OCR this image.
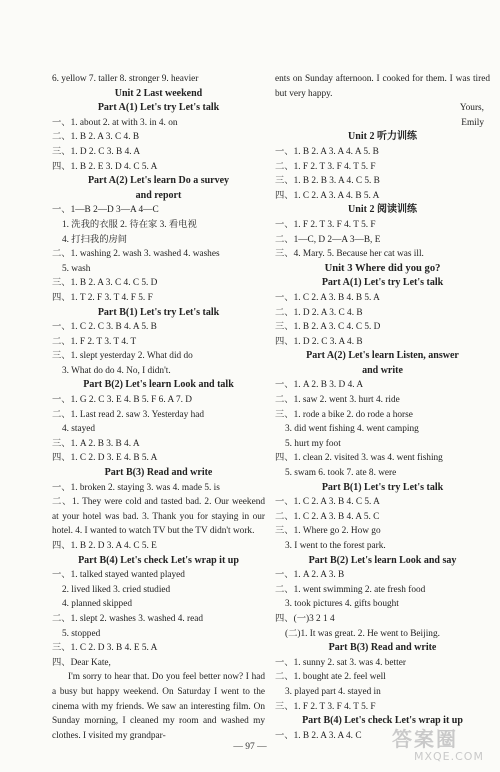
6. yellow 7. taller 8. stronger 9. heavier
Unit 2 Last weekend
Part A(1) Let's try Let's talk
一、1. about 2. at with 3. in 4. on
二、1. B 2. A 3. C 4. B
三、1. D 2. C 3. B 4. A
四、1. B 2. E 3. D 4. C 5. A
Part A(2) Let's learn Do a survey
and report
一、1—B 2—D 3—A 4—C
1. 洗我的衣服 2. 待在家 3. 看电视
4. 打扫我的房间
二、1. washing 2. wash 3. washed 4. washes
5. wash
三、1. B 2. A 3. C 4. C 5. D
四、1. T 2. F 3. T 4. F 5. F
Part B(1) Let's try Let's talk
一、1. C 2. C 3. B 4. A 5. B
二、1. F 2. T 3. T 4. T
三、1. slept yesterday 2. What did do
3. What do do 4. No, I didn't.
Part B(2) Let's learn Look and talk
一、1. G 2. C 3. E 4. B 5. F 6. A 7. D
二、1. Last read 2. saw 3. Yesterday had
4. stayed
三、1. A 2. B 3. B 4. A
四、1. C 2. D 3. E 4. B 5. A
Part B(3) Read and write
一、1. broken 2. staying 3. was 4. made 5. is
二、1. They were cold and tasted bad. 2. Our weekend at your hotel was bad. 3. Thank you for staying in our hotel. 4. I wanted to watch TV but the TV didn't work.
四、1. B 2. D 3. A 4. C 5. E
Part B(4) Let's check Let's wrap it up
一、1. talked stayed wanted played
2. lived liked 3. cried studied
4. planned skipped
二、1. slept 2. washes 3. washed 4. read
5. stopped
三、1. C 2. D 3. B 4. E 5. A
四、Dear Kate,
I'm sorry to hear that. Do you feel better now? I had a busy but happy weekend. On Saturday I went to the cinema with my friends. We saw an interesting film. On Sunday morning, I cleaned my room and washed my clothes. I visited my grandpar-
ents on Sunday afternoon. I cooked for them. I was tired but very happy.
Yours,
Emily
Unit 2 听力训练
一、1. B 2. A 3. A 4. A 5. B
二、1. F 2. T 3. F 4. T 5. F
三、1. B 2. B 3. A 4. C 5. B
四、1. C 2. A 3. A 4. B 5. A
Unit 2 阅读训练
一、1. F 2. T 3. F 4. T 5. F
二、1—C, D 2—A 3—B, E
三、4. Mary. 5. Because her cat was ill.
Unit 3 Where did you go?
Part A(1) Let's try Let's talk
一、1. C 2. A 3. B 4. B 5. A
二、1. D 2. A 3. C 4. B
三、1. B 2. A 3. C 4. C 5. D
四、1. D 2. C 3. A 4. B
Part A(2) Let's learn Listen, answer
and write
一、1. A 2. B 3. D 4. A
二、1. saw 2. went 3. hurt 4. ride
三、1. rode a bike 2. do rode a horse
3. did went fishing 4. went camping
5. hurt my foot
四、1. clean 2. visited 3. was 4. went fishing
5. swam 6. took 7. ate 8. were
Part B(1) Let's try Let's talk
一、1. C 2. A 3. B 4. C 5. A
二、1. C 2. A 3. B 4. A 5. C
三、1. Where go 2. How go
3. I went to the forest park.
Part B(2) Let's learn Look and say
一、1. A 2. A 3. B
二、1. went swimming 2. ate fresh food
3. took pictures 4. gifts bought
四、(一)3 2 1 4
(二)1. It was great. 2. He went to Beijing.
Part B(3) Read and write
一、1. sunny 2. sat 3. was 4. better
二、1. bought ate 2. feel well
3. played part 4. stayed in
三、1. F 2. T 3. F 4. T 5. F
Part B(4) Let's check Let's wrap it up
一、1. B 2. A 3. A 4. C
— 97 —	答案圈
MXQE.COM
